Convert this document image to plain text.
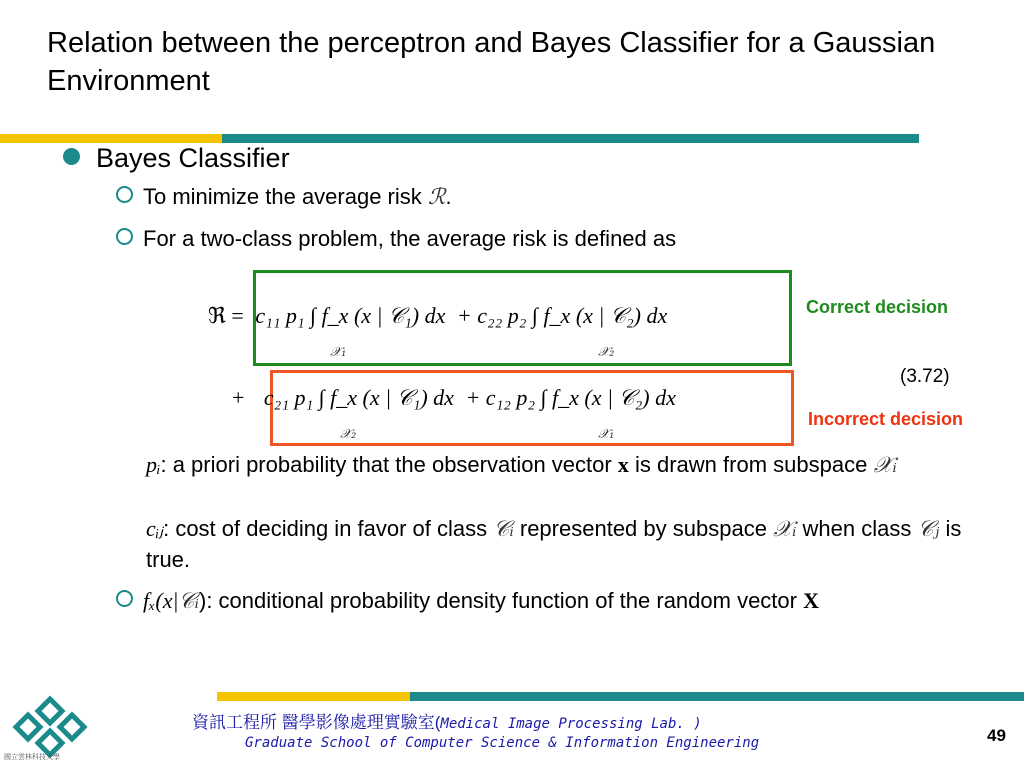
Relation between the perceptron and Bayes Classifier for a Gaussian Environment
Bayes Classifier
To minimize the average risk ℛ.
For a two-class problem, the average risk is defined as
ℜ = c₁₁ p₁ ∫ f_x (x | 𝒞₁) dx + c₂₂ p₂ ∫ f_x (x | 𝒞₂) dx
𝒳₁	𝒳₂
+ c₂₁ p₁ ∫ f_x (x | 𝒞₁) dx + c₁₂ p₂ ∫ f_x (x | 𝒞₂) dx
𝒳₂	𝒳₁
Correct decision
(3.72)
Incorrect decision
pᵢ: a priori probability that the observation vector x is drawn from subspace 𝒳ᵢ
cᵢⱼ: cost of deciding in favor of class 𝒞ᵢ represented by subspace 𝒳ᵢ when class 𝒞ⱼ is true.
fₓ(x|𝒞ᵢ): conditional probability density function of the random vector X
國立雲林科技大學
資訊工程所 醫學影像處理實驗室(Medical Image Processing Lab. )
Graduate School of Computer Science & Information Engineering	49
